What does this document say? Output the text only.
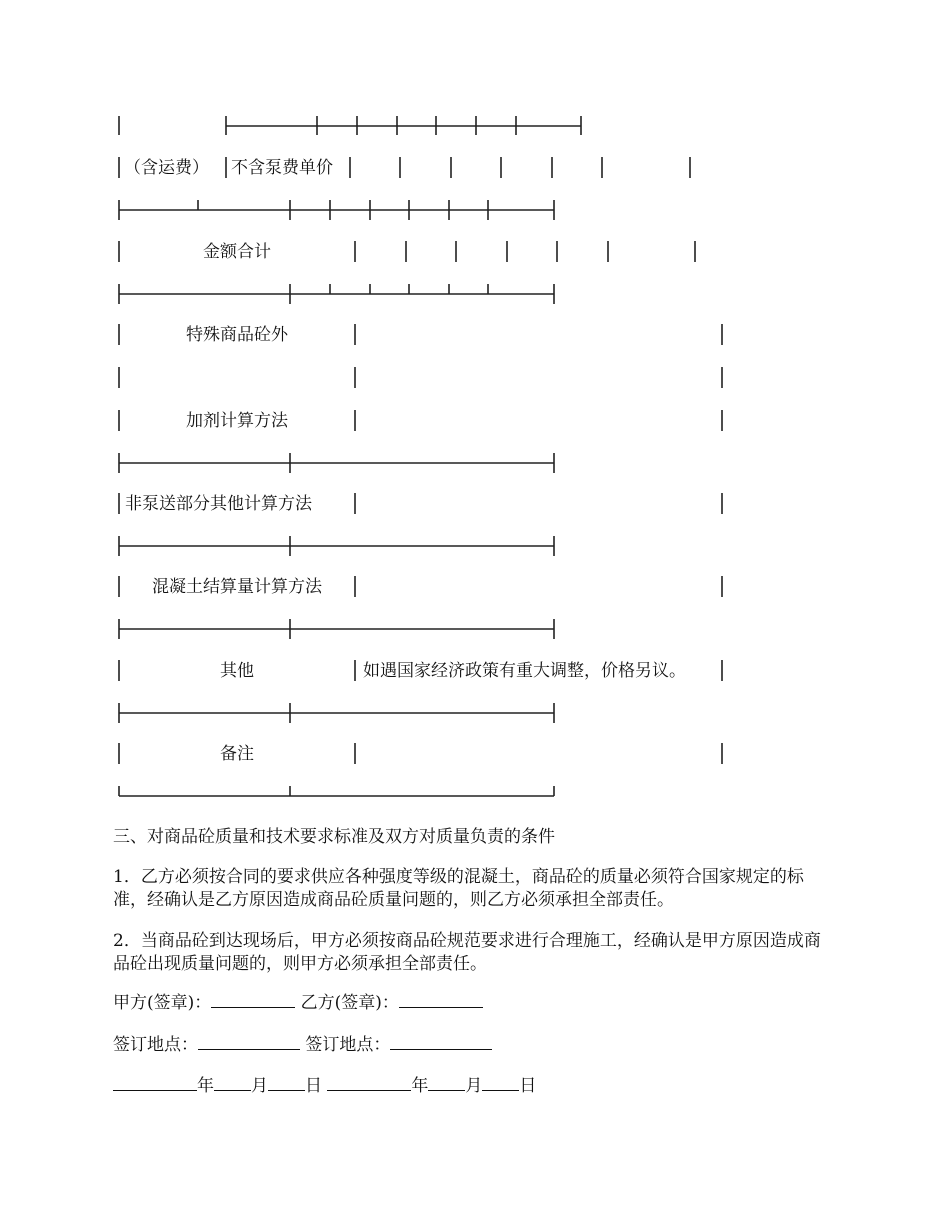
（含运费） 不含泵费单价
金额合计
特殊商品砼外
加剂计算方法
非泵送部分其他计算方法
混凝土结算量计算方法
其他	如遇国家经济政策有重大调整，价格另议。
备注
三、对商品砼质量和技术要求标准及双方对质量负责的条件

1．乙方必须按合同的要求供应各种强度等级的混凝土，商品砼的质量必须符合国家规定的标准，经确认是乙方原因造成商品砼质量问题的，则乙方必须承担全部责任。

2．当商品砼到达现场后，甲方必须按商品砼规范要求进行合理施工，经确认是甲方原因造成商品砼出现质量问题的，则甲方必须承担全部责任。

甲方(签章)：	乙方(签章)：
签订地点：	签订地点：
年 月 日	年 月 日
